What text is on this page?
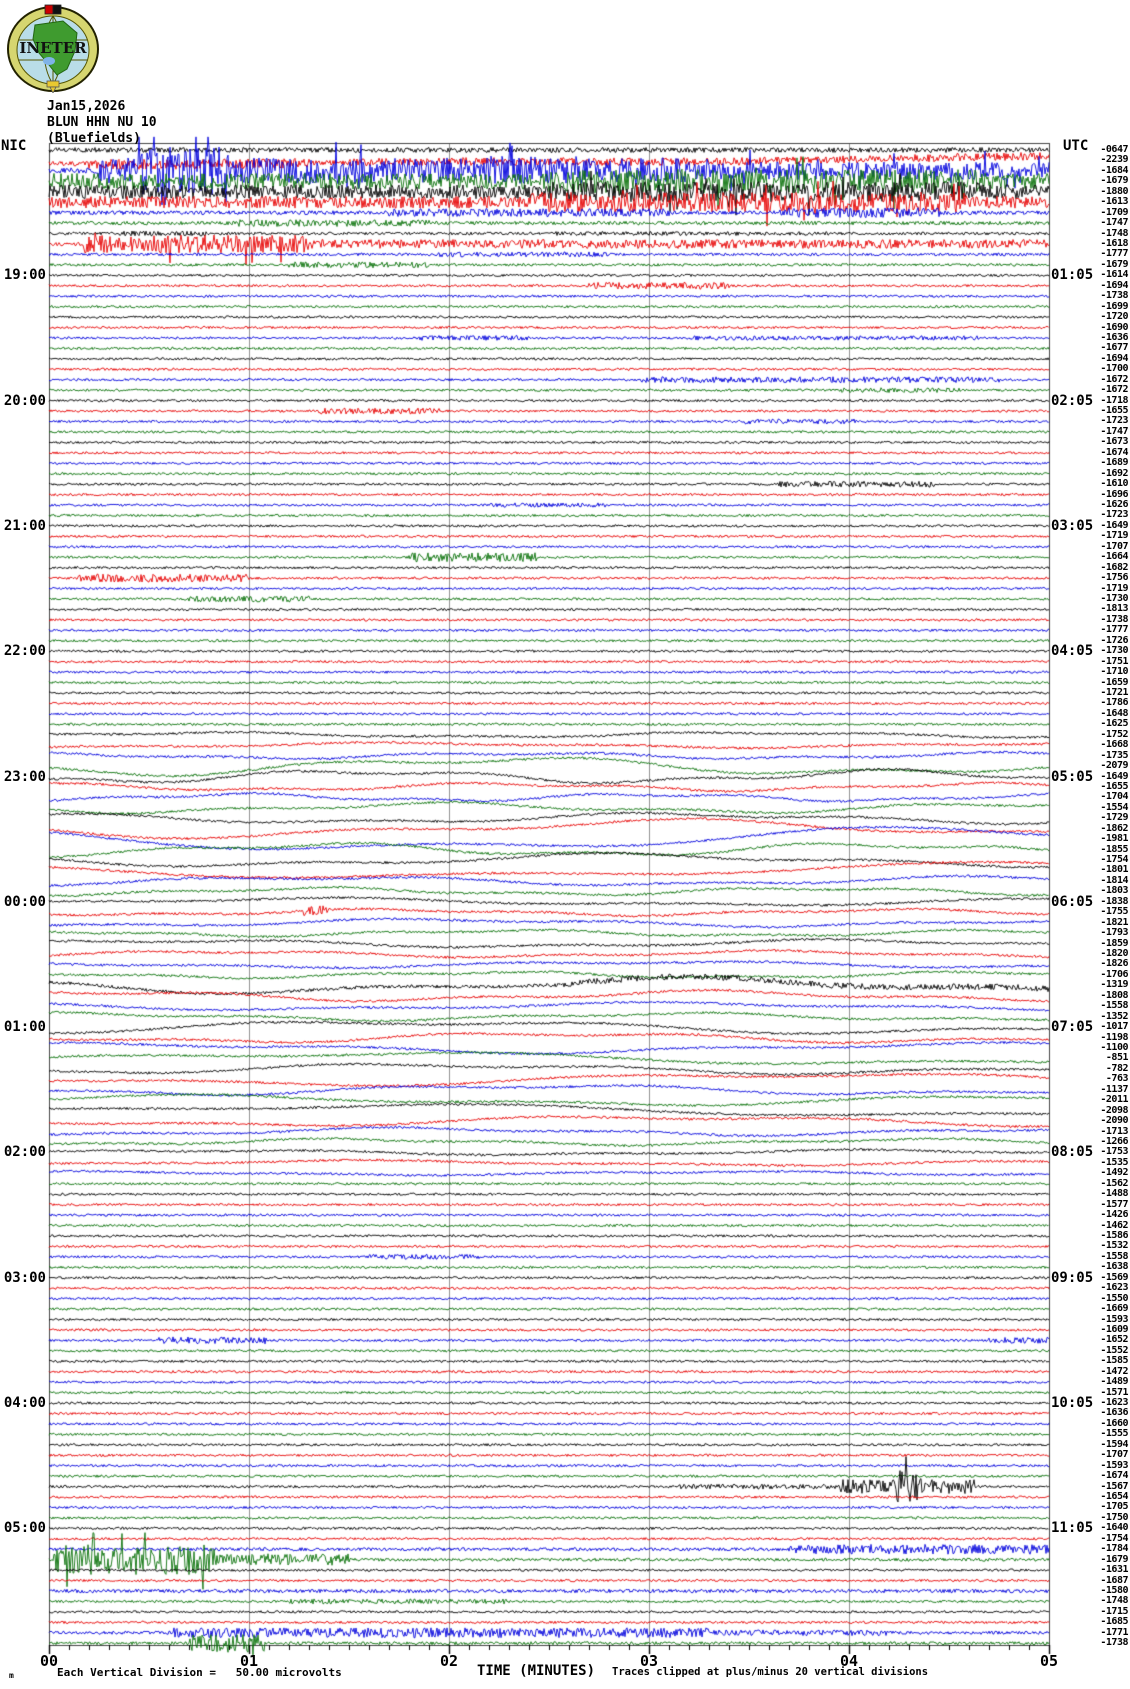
INETER
Jan15,2026
BLUN HHN NU 10
(Bluefields)
NIC	UTC
19:00	01:05
20:00	02:05
21:00	03:05
22:00	04:05
23:00	05:05
00:00	06:05
01:00	07:05
02:00	08:05
03:00	09:05
04:00	10:05
05:00	11:05
-0647
-2239
-1684
-1679
-1880
-1613
-1709
-1747
-1748
-1618
-1777
-1679
-1614
-1694
-1738
-1699
-1720
-1690
-1636
-1677
-1694
-1700
-1672
-1672
-1718
-1655
-1723
-1747
-1673
-1674
-1689
-1692
-1610
-1696
-1626
-1723
-1649
-1719
-1707
-1664
-1682
-1756
-1719
-1730
-1813
-1738
-1777
-1726
-1730
-1751
-1710
-1659
-1721
-1786
-1648
-1625
-1752
-1668
-1735
-2079
-1649
-1655
-1704
-1554
-1729
-1862
-1981
-1855
-1754
-1801
-1814
-1803
-1838
-1755
-1821
-1793
-1859
-1820
-1826
-1706
-1319
-1808
-1558
-1352
-1017
-1198
-1100
-851
-782
-763
-1137
-2011
-2098
-2090
-1713
-1266
-1753
-1535
-1492
-1562
-1488
-1577
-1426
-1462
-1586
-1532
-1558
-1638
-1569
-1623
-1550
-1669
-1593
-1609
-1652
-1552
-1585
-1472
-1489
-1571
-1623
-1636
-1660
-1555
-1594
-1707
-1593
-1674
-1567
-1654
-1705
-1750
-1640
-1754
-1784
-1679
-1631
-1687
-1580
-1748
-1715
-1685
-1771
-1738
00	01	02	03	04	05
m	Each Vertical Division =   50.00 microvolts	TIME (MINUTES) Traces clipped at plus/minus 20 vertical divisions
